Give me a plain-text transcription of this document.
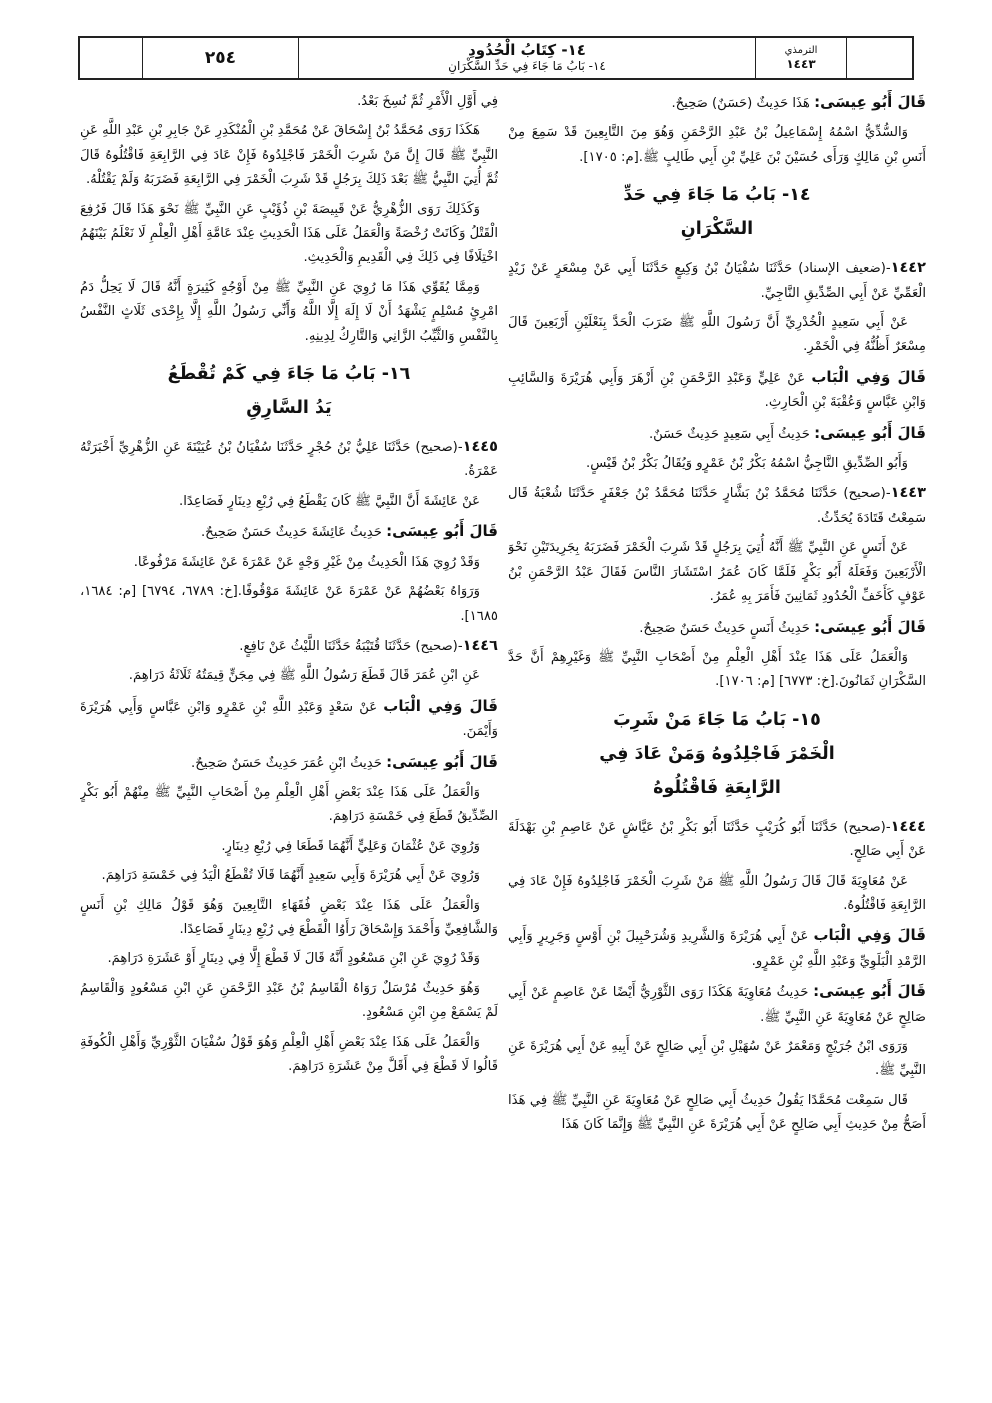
٢٥٤	١٤- كِتَابُ الْحُدُودِ
١٤- بَابُ مَا جَاءَ فِي حَدِّ السَّكْرَانِ
الترمذي
١٤٤٣

قَالَ أَبُو عِيسَى: هَذَا حَدِيثٌ (حَسَنٌ) صَحِيحٌ.

وَالسُّدِّيُّ اسْمُهُ إِسْمَاعِيلُ بْنُ عَبْدِ الرَّحْمَنِ وَهُوَ مِنَ التَّابِعِينَ قَدْ سَمِعَ مِنْ أَنَسِ بْنِ مَالِكٍ وَرَأَى حُسَيْنَ بْنَ عَلِيِّ بْنِ أَبِي طَالِبٍ ﷺ.[م: ١٧٠٥].

١٤- بَابُ مَا جَاءَ فِي حَدِّ
السَّكْرَانِ

١٤٤٢-(ضعيف الإسناد) حَدَّثَنَا سُفْيَانُ بْنُ وَكِيعٍ حَدَّثَنَا أَبِي عَنْ مِسْعَرٍ عَنْ زَيْدٍ الْعَمِّيِّ عَنْ أَبِي الصِّدِّيقِ النَّاجِيِّ.

عَنْ أَبِي سَعِيدٍ الْخُدْرِيِّ أَنَّ رَسُولَ اللَّهِ ﷺ ضَرَبَ الْحَدَّ بِنَعْلَيْنِ أَرْبَعِينَ قَالَ مِسْعَرٌ أَظُنُّهُ فِي الْخَمْرِ.

قَالَ وَفِي الْبَاب عَنْ عَلِيٍّ وَعَبْدِ الرَّحْمَنِ بْنِ أَزْهَرَ وَأَبِي هُرَيْرَةَ وَالسَّائِبِ وَابْنِ عَبَّاسٍ وَعُقْبَةَ بْنِ الْحَارِثِ.

قَالَ أَبُو عِيسَى: حَدِيثُ أَبِي سَعِيدٍ حَدِيثٌ حَسَنٌ.

وَأَبُو الصِّدِّيقِ النَّاجِيُّ اسْمُهُ بَكْرُ بْنُ عَمْرٍو وَيُقَالُ بَكْرُ بْنُ قَيْسٍ.

١٤٤٣-(صحيح) حَدَّثَنَا مُحَمَّدُ بْنُ بَشَّارٍ حَدَّثَنَا مُحَمَّدُ بْنُ جَعْفَرٍ حَدَّثَنَا شُعْبَةُ قَال سَمِعْتُ قَتَادَةَ يُحَدِّثُ.

عَنْ أَنَسٍ عَنِ النَّبِيِّ ﷺ أَنَّهُ أُتِيَ بِرَجُلٍ قَدْ شَرِبَ الْخَمْرَ فَضَرَبَهُ بِجَرِيدَتَيْنِ نَحْوَ الْأَرْبَعِينَ وَفَعَلَهُ أَبُو بَكْرٍ فَلَمَّا كَانَ عُمَرُ اسْتَشَارَ النَّاسَ فَقَالَ عَبْدُ الرَّحْمَنِ بْنُ عَوْفٍ كَأَخَفِّ الْحُدُودِ ثَمَانِينَ فَأَمَرَ بِهِ عُمَرُ.

قَالَ أَبُو عِيسَى: حَدِيثُ أَنَسٍ حَدِيثٌ حَسَنٌ صَحِيحٌ.

وَالْعَمَلُ عَلَى هَذَا عِنْدَ أَهْلِ الْعِلْمِ مِنْ أَصْحَابِ النَّبِيِّ ﷺ وَغَيْرِهِمْ أَنَّ حَدَّ السَّكْرَانِ ثَمَانُونَ.[خ: ٦٧٧٣] [م: ١٧٠٦].

١٥- بَابُ مَا جَاءَ مَنْ شَرِبَ
الْخَمْرَ فَاجْلِدُوهُ وَمَنْ عَادَ فِي
الرَّابِعَةِ فَاقْتُلُوهُ

١٤٤٤-(صحيح) حَدَّثَنَا أَبُو كُرَيْبٍ حَدَّثَنَا أَبُو بَكْرِ بْنُ عَيَّاشٍ عَنْ عَاصِمِ بْنِ بَهْدَلَةَ عَنْ أَبِي صَالِحٍ.

عَنْ مُعَاوِيَةَ قَالَ قَالَ رَسُولُ اللَّهِ ﷺ مَنْ شَرِبَ الْخَمْرَ فَاجْلِدُوهُ فَإِنْ عَادَ فِي الرَّابِعَةِ فَاقْتُلُوهُ.

قَالَ وَفِي الْبَاب عَنْ أَبِي هُرَيْرَةَ وَالشَّرِيدِ وَشُرَحْبِيلَ بْنِ أَوْسٍ وَجَرِيرٍ وَأَبِي الرَّمْدِ الْبَلَوِيِّ وَعَبْدِ اللَّهِ بْنِ عَمْرٍو.

قَالَ أَبُو عِيسَى: حَدِيثُ مُعَاوِيَةَ هَكَذَا رَوَى الثَّوْرِيُّ أَيْضًا عَنْ عَاصِمٍ عَنْ أَبِي صَالِحٍ عَنْ مُعَاوِيَةَ عَنِ النَّبِيِّ ﷺ.

وَرَوَى ابْنُ جُرَيْجٍ وَمَعْمَرٌ عَنْ سُهَيْلِ بْنِ أَبِي صَالِحٍ عَنْ أَبِيهِ عَنْ أَبِي هُرَيْرَةَ عَنِ النَّبِيِّ ﷺ.

قَال سَمِعْت مُحَمَّدًا يَقُولُ حَدِيثُ أَبِي صَالِحٍ عَنْ مُعَاوِيَةَ عَنِ النَّبِيِّ ﷺ فِي هَذَا أَصَحُّ مِنْ حَدِيثِ أَبِي صَالِحٍ عَنْ أَبِي هُرَيْرَةَ عَنِ النَّبِيِّ ﷺ وَإِنَّمَا كَانَ هَذَا

فِي أَوَّلِ الْأَمْرِ ثُمَّ نُسِخَ بَعْدُ.

هَكَذَا رَوَى مُحَمَّدُ بْنُ إِسْحَاقَ عَنْ مُحَمَّدِ بْنِ الْمُنْكَدِرِ عَنْ جَابِرِ بْنِ عَبْدِ اللَّهِ عَنِ النَّبِيِّ ﷺ قَالَ إِنَّ مَنْ شَرِبَ الْخَمْرَ فَاجْلِدُوهُ فَإِنْ عَادَ فِي الرَّابِعَةِ فَاقْتُلُوهُ قَالَ ثُمَّ أُتِيَ النَّبِيُّ ﷺ بَعْدَ ذَلِكَ بِرَجُلٍ قَدْ شَرِبَ الْخَمْرَ فِي الرَّابِعَةِ فَضَرَبَهُ وَلَمْ يَقْتُلْهُ.

وَكَذَلِكَ رَوَى الزُّهْرِيُّ عَنْ قَبِيصَةَ بْنِ ذُؤَيْبٍ عَنِ النَّبِيِّ ﷺ نَحْوَ هَذَا قَالَ فَرُفِعَ الْقَتْلُ وَكَانَتْ رُخْصَةً وَالْعَمَلُ عَلَى هَذَا الْحَدِيثِ عِنْدَ عَامَّةِ أَهْلِ الْعِلْمِ لَا نَعْلَمُ بَيْنَهُمُ اخْتِلَافًا فِي ذَلِكَ فِي الْقَدِيمِ وَالْحَدِيثِ.

وَمِمَّا يُقَوِّي هَذَا مَا رُوِيَ عَنِ النَّبِيِّ ﷺ مِنْ أَوْجُهٍ كَثِيرَةٍ أَنَّهُ قَالَ لَا يَحِلُّ دَمُ امْرِئٍ مُسْلِمٍ يَشْهَدُ أَنْ لَا إِلَهَ إِلَّا اللَّهُ وَأَنِّي رَسُولُ اللَّهِ إِلَّا بِإِحْدَى ثَلَاثٍ النَّفْسُ بِالنَّفْسِ وَالثَّيِّبُ الزَّانِي وَالتَّارِكُ لِدِينِهِ.

١٦- بَابُ مَا جَاءَ فِي كَمْ تُقْطَعُ
يَدُ السَّارِقِ

١٤٤٥-(صحيح) حَدَّثَنَا عَلِيُّ بْنُ حُجْرٍ حَدَّثَنَا سُفْيَانُ بْنُ عُيَيْنَةَ عَنِ الزُّهْرِيِّ أَخْبَرَتْهُ عَمْرَةُ.

عَنْ عَائِشَةَ أَنَّ النَّبِيَّ ﷺ كَانَ يَقْطَعُ فِي رُبْعِ دِينَارٍ فَصَاعِدًا.

قَالَ أَبُو عِيسَى: حَدِيثُ عَائِشَةَ حَدِيثٌ حَسَنٌ صَحِيحٌ.

وَقَدْ رُوِيَ هَذَا الْحَدِيثُ مِنْ غَيْرِ وَجْهٍ عَنْ عَمْرَةَ عَنْ عَائِشَةَ مَرْفُوعًا.

وَرَوَاهُ بَعْضُهُمْ عَنْ عَمْرَةَ عَنْ عَائِشَةَ مَوْقُوفًا.[خ: ٦٧٨٩، ٦٧٩٤] [م: ١٦٨٤، ١٦٨٥].

١٤٤٦-(صحيح) حَدَّثَنَا قُتَيْبَةُ حَدَّثَنَا اللَّيْثُ عَنْ نَافِعٍ.

عَنِ ابْنِ عُمَرَ قَالَ قَطَعَ رَسُولُ اللَّهِ ﷺ فِي مِجَنٍّ قِيمَتُهُ ثَلَاثَةُ دَرَاهِمَ.

قَالَ وَفِي الْبَاب عَنْ سَعْدٍ وَعَبْدِ اللَّهِ بْنِ عَمْرٍو وَابْنِ عَبَّاسٍ وَأَبِي هُرَيْرَةَ وَأَيْمَنَ.

قَالَ أَبُو عِيسَى: حَدِيثُ ابْنِ عُمَرَ حَدِيثٌ حَسَنٌ صَحِيحٌ.

وَالْعَمَلُ عَلَى هَذَا عِنْدَ بَعْضِ أَهْلِ الْعِلْمِ مِنْ أَصْحَابِ النَّبِيِّ ﷺ مِنْهُمْ أَبُو بَكْرٍ الصِّدِّيقُ قَطَعَ فِي خَمْسَةِ دَرَاهِمَ.

وَرُوِيَ عَنْ عُثْمَانَ وَعَلِيٍّ أَنَّهُمَا قَطَعَا فِي رُبْعِ دِينَارٍ.

وَرُوِيَ عَنْ أَبِي هُرَيْرَةَ وَأَبِي سَعِيدٍ أَنَّهُمَا قَالَا تُقْطَعُ الْيَدُ فِي خَمْسَةِ دَرَاهِمَ.

وَالْعَمَلُ عَلَى هَذَا عِنْدَ بَعْضِ فُقَهَاءِ التَّابِعِينَ وَهُوَ قَوْلُ مَالِكِ بْنِ أَنَسٍ وَالشَّافِعِيِّ وَأَحْمَدَ وَإِسْحَاقَ رَأَوُا الْقَطْعَ فِي رُبْعِ دِينَارٍ فَصَاعِدًا.

وَقَدْ رُوِيَ عَنِ ابْنِ مَسْعُودٍ أَنَّهُ قَالَ لَا قَطْعَ إِلَّا فِي دِينَارٍ أَوْ عَشَرَةِ دَرَاهِمَ.

وَهُوَ حَدِيثٌ مُرْسَلٌ رَوَاهُ الْقَاسِمُ بْنُ عَبْدِ الرَّحْمَنِ عَنِ ابْنِ مَسْعُودٍ وَالْقَاسِمُ لَمْ يَسْمَعْ مِنِ ابْنِ مَسْعُودٍ.

وَالْعَمَلُ عَلَى هَذَا عِنْدَ بَعْضِ أَهْلِ الْعِلْمِ وَهُوَ قَوْلُ سُفْيَانَ الثَّوْرِيِّ وَأَهْلِ الْكُوفَةِ قَالُوا لَا قَطْعَ فِي أَقَلَّ مِنْ عَشَرَةِ دَرَاهِمَ.
